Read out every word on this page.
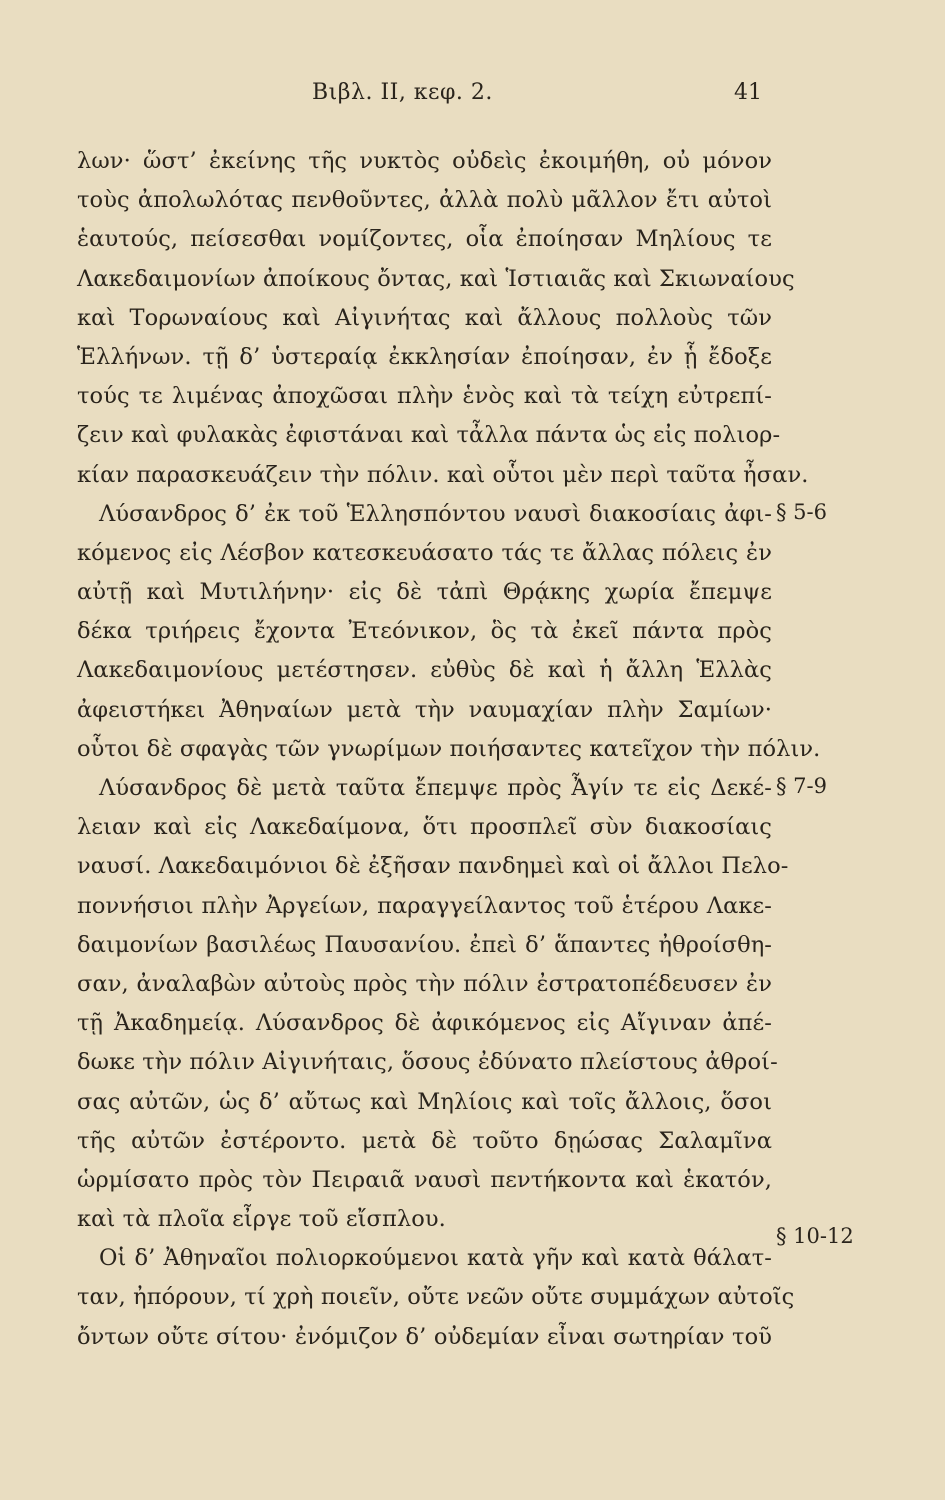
Βιβλ. II, κεφ. 2.	41
λων· ὥστ’ ἐκείνης τῆς νυκτὸς οὐδεὶς ἐκοιμήθη, οὐ μόνον
τοὺς ἀπολωλότας πενθοῦντες, ἀλλὰ πολὺ μᾶλλον ἔτι αὐτοὶ
ἑαυτούς, πείσεσθαι νομίζοντες, οἷα ἐποίησαν Μηλίους τε
Λακεδαιμονίων ἀποίκους ὄντας, καὶ Ἱστιαιᾶς καὶ Σκιωναίους
καὶ Τορωναίους καὶ Αἰγινήτας καὶ ἄλλους πολλοὺς τῶν
Ἑλλήνων. τῇ δ’ ὑστεραίᾳ ἐκκλησίαν ἐποίησαν, ἐν ᾗ ἔδοξε
τούς τε λιμένας ἀποχῶσαι πλὴν ἑνὸς καὶ τὰ τείχη εὐτρεπί-
ζειν καὶ φυλακὰς ἐφιστάναι καὶ τἆλλα πάντα ὡς εἰς πολιορ-
κίαν παρασκευάζειν τὴν πόλιν. καὶ οὗτοι μὲν περὶ ταῦτα ἦσαν.
Λύσανδρος δ’ ἐκ τοῦ Ἑλλησπόντου ναυσὶ διακοσίαις ἀφι-
κόμενος εἰς Λέσβον κατεσκευάσατο τάς τε ἄλλας πόλεις ἐν
αὐτῇ καὶ Μυτιλήνην· εἰς δὲ τἀπὶ Θρᾴκης χωρία ἔπεμψε
δέκα τριήρεις ἔχοντα Ἐτεόνικον, ὃς τὰ ἐκεῖ πάντα πρὸς
Λακεδαιμονίους μετέστησεν. εὐθὺς δὲ καὶ ἡ ἄλλη Ἑλλὰς
ἀφειστήκει Ἀθηναίων μετὰ τὴν ναυμαχίαν πλὴν Σαμίων·
οὗτοι δὲ σφαγὰς τῶν γνωρίμων ποιήσαντες κατεῖχον τὴν πόλιν.
Λύσανδρος δὲ μετὰ ταῦτα ἔπεμψε πρὸς Ἆγίν τε εἰς Δεκέ-
λειαν καὶ εἰς Λακεδαίμονα, ὅτι προσπλεῖ σὺν διακοσίαις
ναυσί. Λακεδαιμόνιοι δὲ ἐξῆσαν πανδημεὶ καὶ οἱ ἄλλοι Πελο-
ποννήσιοι πλὴν Ἀργείων, παραγγείλαντος τοῦ ἑτέρου Λακε-
δαιμονίων βασιλέως Παυσανίου. ἐπεὶ δ’ ἅπαντες ἠθροίσθη-
σαν, ἀναλαβὼν αὐτοὺς πρὸς τὴν πόλιν ἐστρατοπέδευσεν ἐν
τῇ Ἀκαδημείᾳ. Λύσανδρος δὲ ἀφικόμενος εἰς Αἴγιναν ἀπέ-
δωκε τὴν πόλιν Αἰγινήταις, ὅσους ἐδύνατο πλείστους ἀθροί-
σας αὐτῶν, ὡς δ’ αὔτως καὶ Μηλίοις καὶ τοῖς ἄλλοις, ὅσοι
τῆς αὐτῶν ἐστέροντο. μετὰ δὲ τοῦτο δῃώσας Σαλαμῖνα
ὡρμίσατο πρὸς τὸν Πειραιᾶ ναυσὶ πεντήκοντα καὶ ἑκατόν,
καὶ τὰ πλοῖα εἶργε τοῦ εἴσπλου.
Οἱ δ’ Ἀθηναῖοι πολιορκούμενοι κατὰ γῆν καὶ κατὰ θάλατ-
ταν, ἠπόρουν, τί χρὴ ποιεῖν, οὔτε νεῶν οὔτε συμμάχων αὐτοῖς
ὄντων οὔτε σίτου· ἐνόμιζον δ’ οὐδεμίαν εἶναι σωτηρίαν τοῦ
§ 5-6
§ 7-9
§ 10-12
